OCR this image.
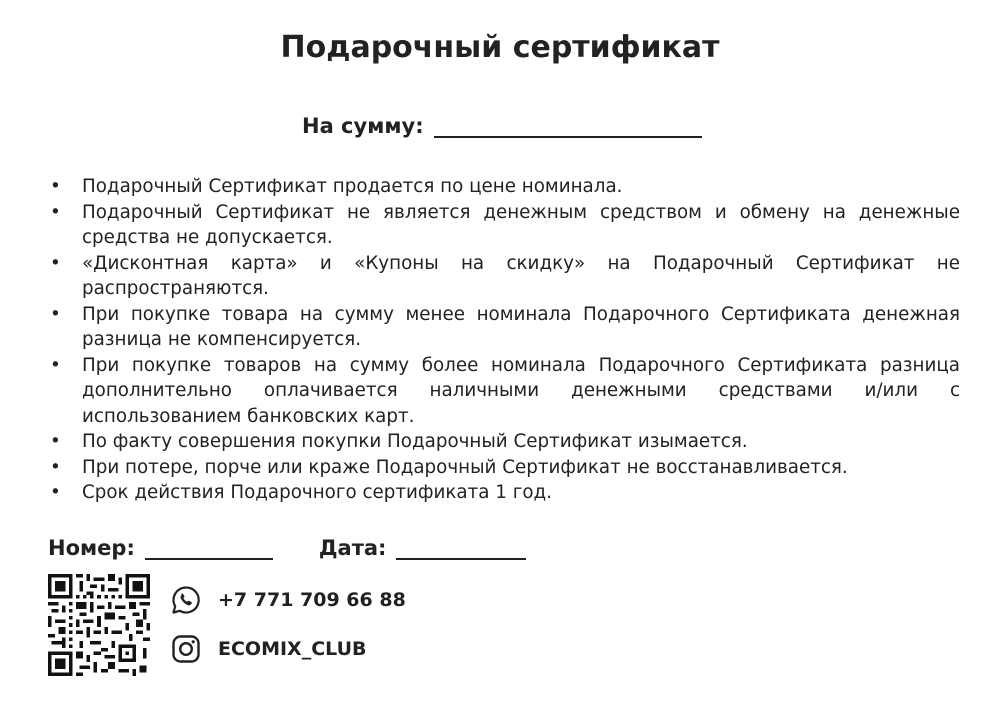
Подарочный сертификат
На сумму:
• Подарочный Сертификат продается по цене номинала.
• Подарочный Сертификат не является денежным средством и обмену на денежные средства не допускается.
• «Дисконтная карта» и «Купоны на скидку» на Подарочный Сертификат не распространяются.
• При покупке товара на сумму менее номинала Подарочного Сертификата денежная разница не компенсируется.
• При покупке товаров на сумму более номинала Подарочного Сертификата разница дополнительно оплачивается наличными денежными средствами и/или с использованием банковских карт.
• По факту совершения покупки Подарочный Сертификат изымается.
• При потере, порче или краже Подарочный Сертификат не восстанавливается.
• Срок действия Подарочного сертификата 1 год.
Номер:	Дата:
+7 771 709 66 88
ECOMIX_CLUB
